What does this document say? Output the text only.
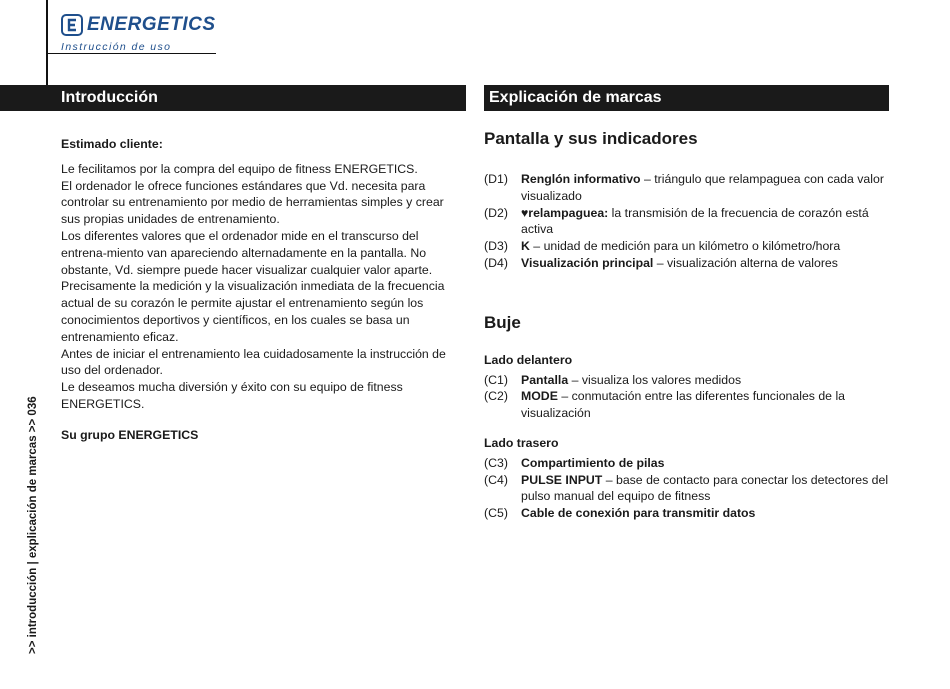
ENERGETICS
Instrucción de uso
Introducción	Explicación de marcas

Estimado cliente:

Le fecilitamos por la compra del equipo de fitness ENERGETICS.

El ordenador le ofrece funciones estándares que Vd. necesita para controlar su entrenamiento por medio de herramientas simples y crear sus propias unidades de entrenamiento.

Los diferentes valores que el ordenador mide en el transcurso del entrena-miento van apareciendo alternadamente en la pantalla. No obstante, Vd. siempre puede hacer visualizar cualquier valor aparte.

Precisamente la medición y la visualización inmediata de la frecuencia actual de su corazón le permite ajustar el entrenamiento según los conocimientos deportivos y científicos, en los cuales se basa un entrenamiento eficaz.

Antes de iniciar el entrenamiento lea cuidadosamente la instrucción de uso del ordenador.

Le deseamos mucha diversión y éxito con su equipo de fitness ENERGETICS.

Su grupo ENERGETICS

Pantalla y sus indicadores
(D1)	Renglón informativo – triángulo que relampaguea con cada valor visualizado
(D2)	♥relampaguea: la transmisión de la frecuencia de corazón está activa
(D3)	K – unidad de medición para un kilómetro o kilómetro/hora
(D4)	Visualización principal – visualización alterna de valores
Buje
Lado delantero
(C1)	Pantalla – visualiza los valores medidos
(C2)	MODE – conmutación entre las diferentes funcionales de la visualización
Lado trasero
(C3)	Compartimiento de pilas
(C4)	PULSE INPUT – base de contacto para conectar los detectores del pulso manual del equipo de fitness
(C5)	Cable de conexión para transmitir datos
>> introducción | explicación de marcas >> 036
